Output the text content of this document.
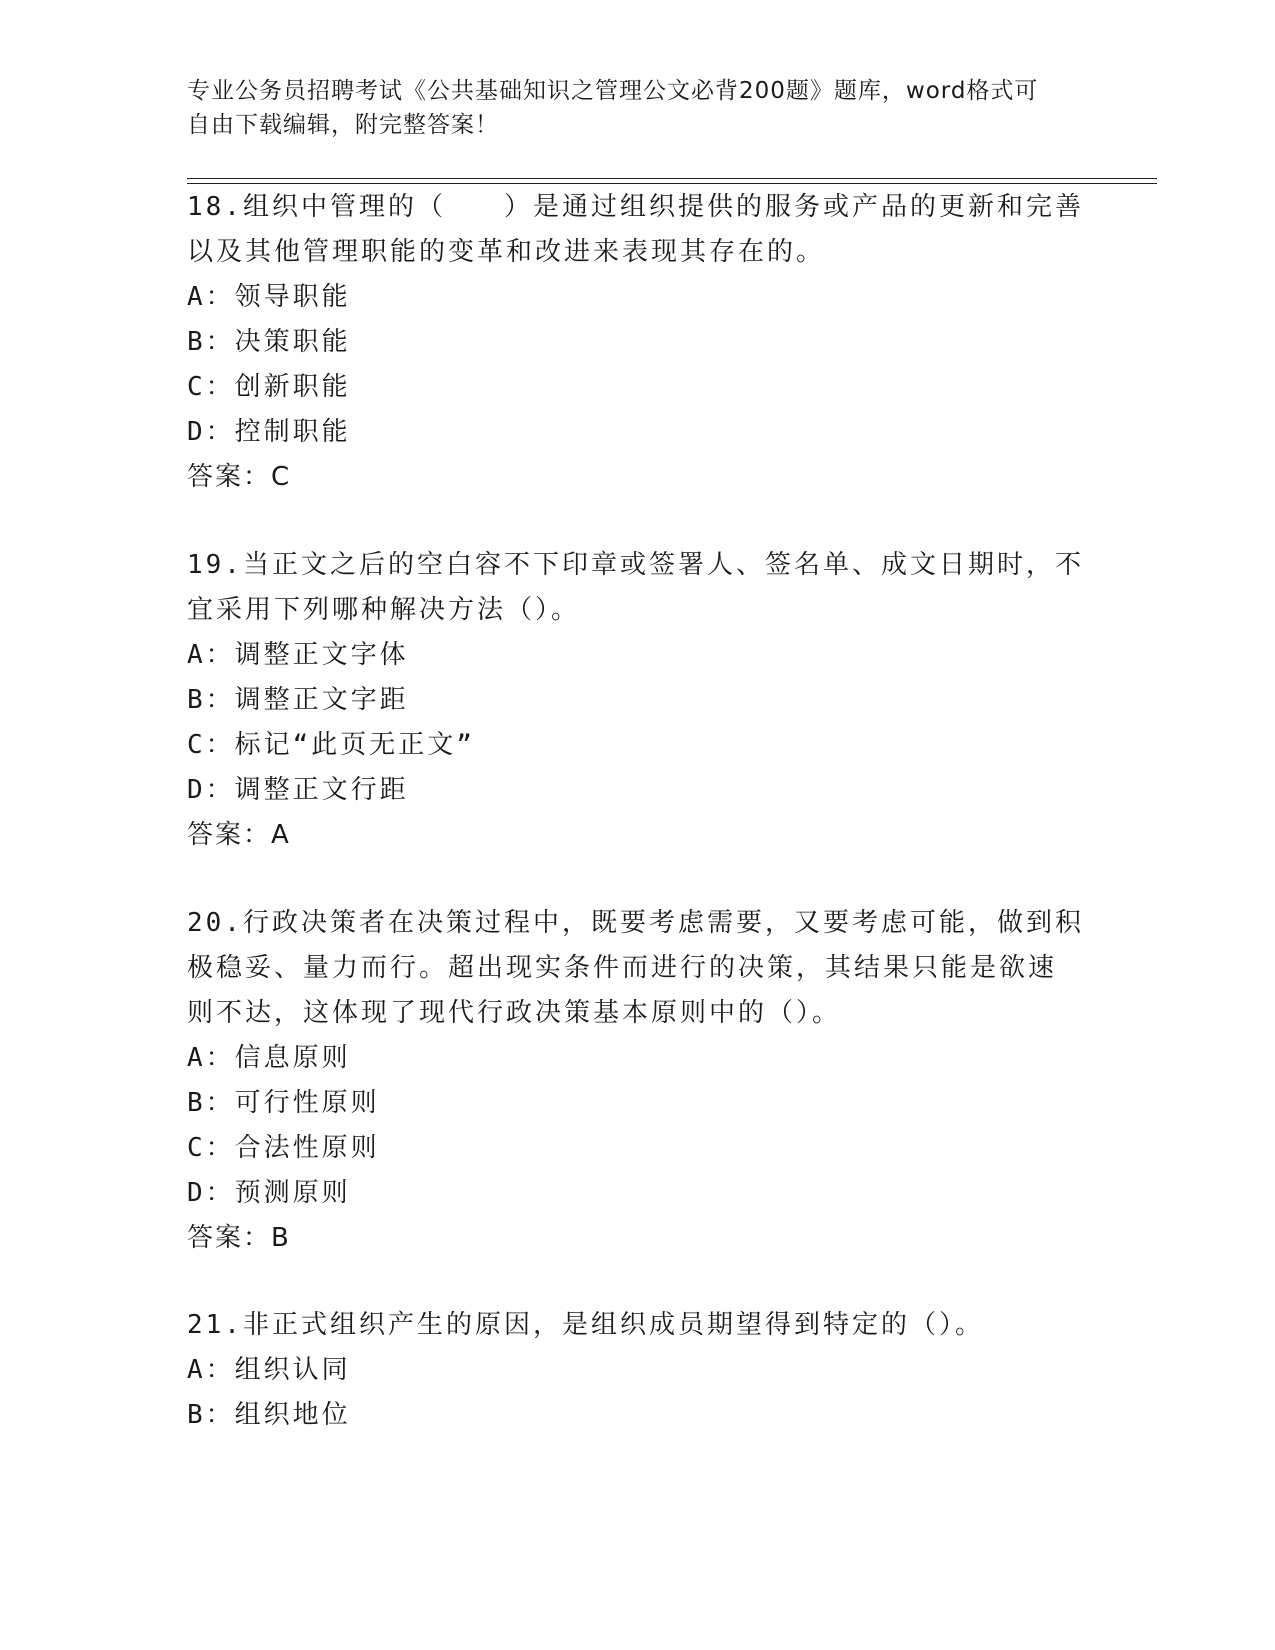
专业公务员招聘考试《公共基础知识之管理公文必背200题》题库，word格式可
自由下载编辑，附完整答案！

18.组织中管理的（　　）是通过组织提供的服务或产品的更新和完善

以及其他管理职能的变革和改进来表现其存在的。

A：领导职能

B：决策职能

C：创新职能

D：控制职能

答案：C

19.当正文之后的空白容不下印章或签署人、签名单、成文日期时，不

宜采用下列哪种解决方法（）。

A：调整正文字体

B：调整正文字距

C：标记“此页无正文”

D：调整正文行距

答案：A

20.行政决策者在决策过程中，既要考虑需要，又要考虑可能，做到积

极稳妥、量力而行。超出现实条件而进行的决策，其结果只能是欲速

则不达，这体现了现代行政决策基本原则中的（）。

A：信息原则

B：可行性原则

C：合法性原则

D：预测原则

答案：B

21.非正式组织产生的原因，是组织成员期望得到特定的（）。

A：组织认同

B：组织地位
